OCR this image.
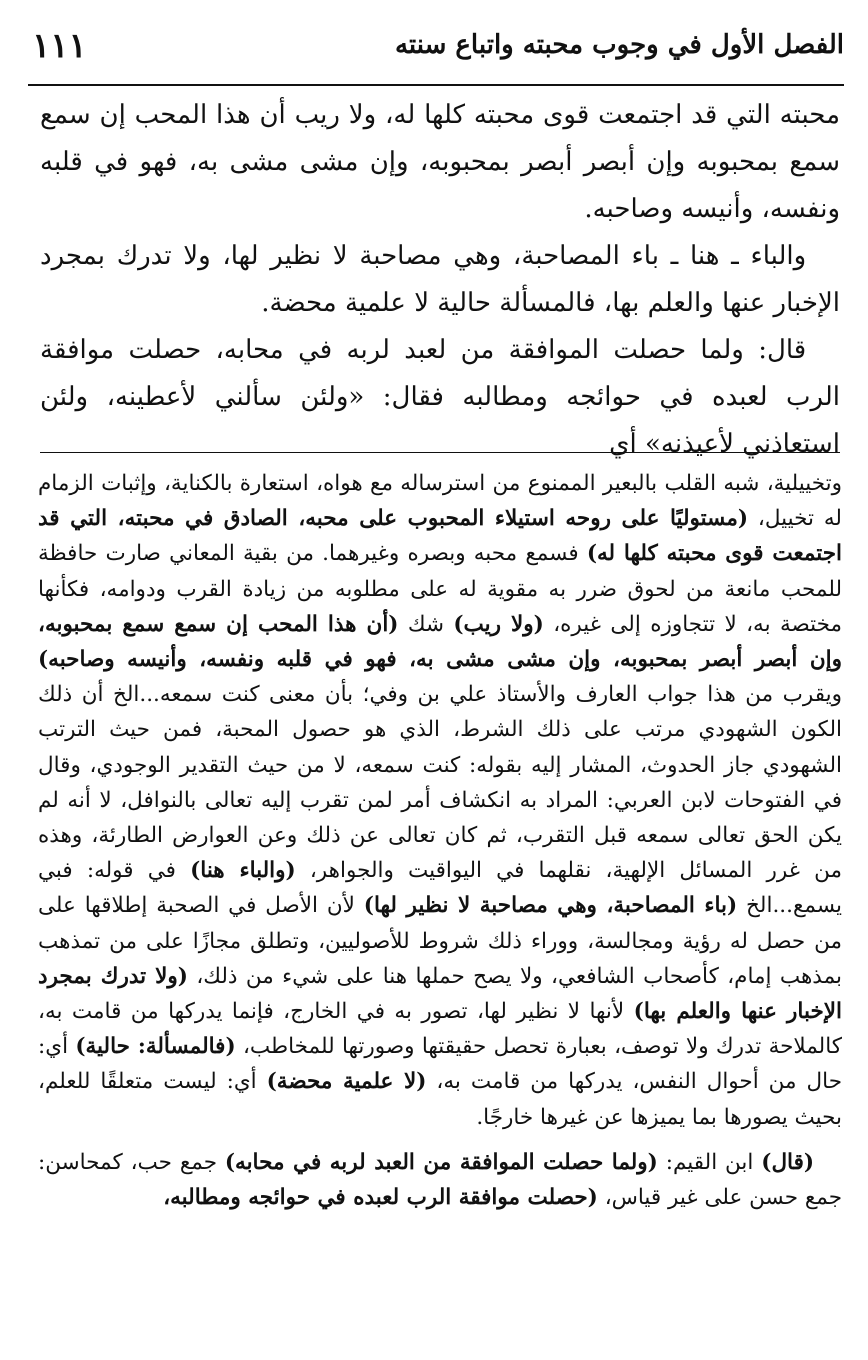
١١١	الفصل الأول في وجوب محبته واتباع سنته

محبته التي قد اجتمعت قوى محبته كلها له، ولا ريب أن هذا المحب إن سمع سمع بمحبوبه وإن أبصر أبصر بمحبوبه، وإن مشى مشى به، فهو في قلبه ونفسه، وأنيسه وصاحبه.

والباء ـ هنا ـ باء المصاحبة، وهي مصاحبة لا نظير لها، ولا تدرك بمجرد الإخبار عنها والعلم بها، فالمسألة حالية لا علمية محضة.

قال: ولما حصلت الموافقة من لعبد لربه في محابه، حصلت موافقة الرب لعبده في حوائجه ومطالبه فقال: «ولئن سألني لأعطينه، ولئن استعاذني لأعيذنه» أي

وتخييلية، شبه القلب بالبعير الممنوع من استرساله مع هواه، استعارة بالكناية، وإثبات الزمام له تخييل، (مستوليًا على روحه استيلاء المحبوب على محبه، الصادق في محبته، التي قد اجتمعت قوى محبته كلها له) فسمع محبه وبصره وغيرهما. من بقية المعاني صارت حافظة للمحب مانعة من لحوق ضرر به مقوية له على مطلوبه من زيادة القرب ودوامه، فكأنها مختصة به، لا تتجاوزه إلى غيره، (ولا ريب) شك (أن هذا المحب إن سمع سمع بمحبوبه، وإن أبصر أبصر بمحبوبه، وإن مشى مشى به، فهو في قلبه ونفسه، وأنيسه وصاحبه) ويقرب من هذا جواب العارف والأستاذ علي بن وفي؛ بأن معنى كنت سمعه...الخ أن ذلك الكون الشهودي مرتب على ذلك الشرط، الذي هو حصول المحبة، فمن حيث الترتب الشهودي جاز الحدوث، المشار إليه بقوله: كنت سمعه، لا من حيث التقدير الوجودي، وقال في الفتوحات لابن العربي: المراد به انكشاف أمر لمن تقرب إليه تعالى بالنوافل، لا أنه لم يكن الحق تعالى سمعه قبل التقرب، ثم كان تعالى عن ذلك وعن العوارض الطارئة، وهذه من غرر المسائل الإلهية، نقلهما في اليواقيت والجواهر، (والباء هنا) في قوله: فبي يسمع...الخ (باء المصاحبة، وهي مصاحبة لا نظير لها) لأن الأصل في الصحبة إطلاقها على من حصل له رؤية ومجالسة، ووراء ذلك شروط للأصوليين، وتطلق مجازًا على من تمذهب بمذهب إمام، كأصحاب الشافعي، ولا يصح حملها هنا على شيء من ذلك، (ولا تدرك بمجرد الإخبار عنها والعلم بها) لأنها لا نظير لها، تصور به في الخارج، فإنما يدركها من قامت به، كالملاحة تدرك ولا توصف، بعبارة تحصل حقيقتها وصورتها للمخاطب، (فالمسألة: حالية) أي: حال من أحوال النفس، يدركها من قامت به، (لا علمية محضة) أي: ليست متعلقًا للعلم، بحيث يصورها بما يميزها عن غيرها خارجًا.

(قال) ابن القيم: (ولما حصلت الموافقة من العبد لربه في محابه) جمع حب، كمحاسن: جمع حسن على غير قياس، (حصلت موافقة الرب لعبده في حوائجه ومطالبه،
